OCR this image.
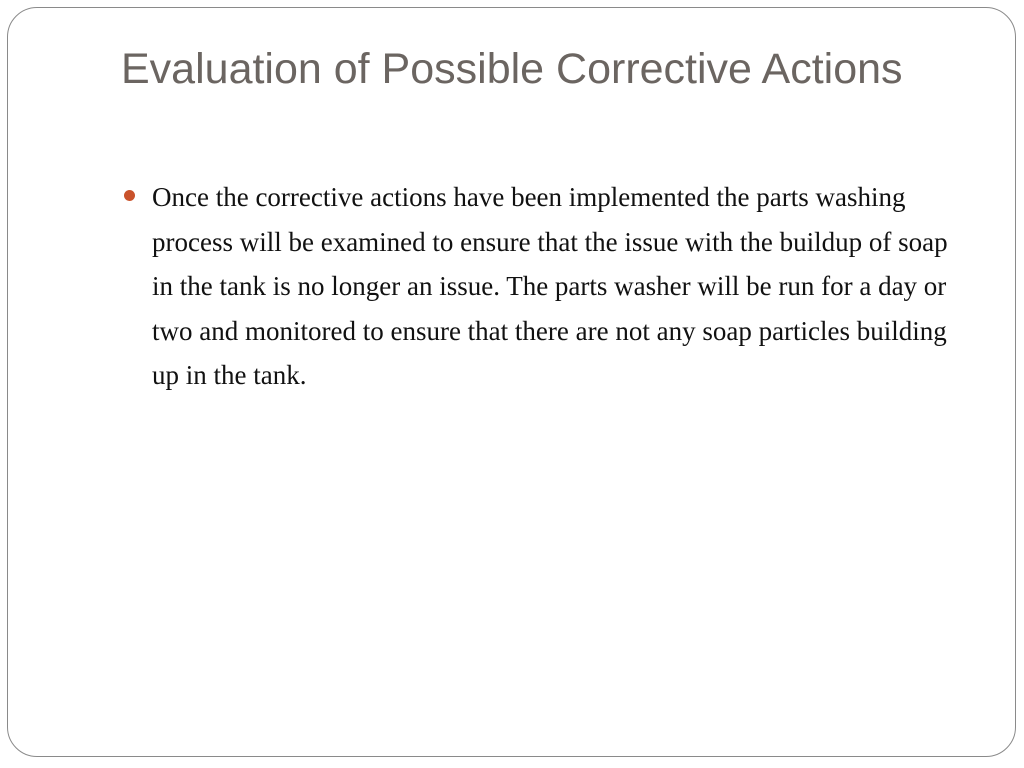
Evaluation of Possible Corrective Actions
Once the corrective actions have been implemented the parts washing process will be examined to ensure that the issue with the buildup of soap in the tank is no longer an issue. The parts washer will be run for a day or two and monitored to ensure that there are not any soap particles building up in the tank.
